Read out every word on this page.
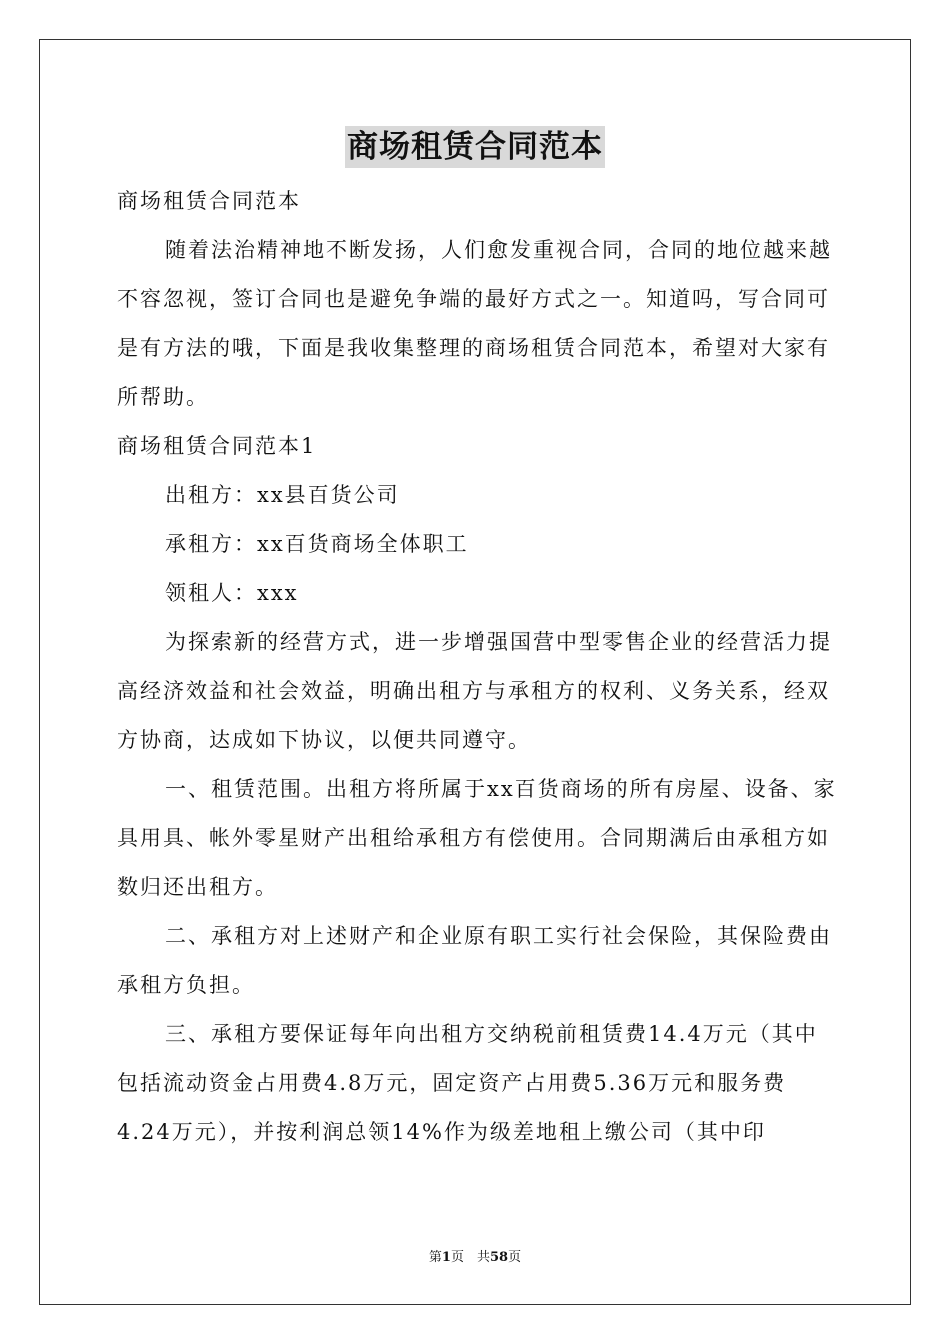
商场租赁合同范本

商场租赁合同范本

随着法治精神地不断发扬，人们愈发重视合同，合同的地位越来越不容忽视，签订合同也是避免争端的最好方式之一。知道吗，写合同可是有方法的哦，下面是我收集整理的商场租赁合同范本，希望对大家有所帮助。

商场租赁合同范本1

出租方：xx县百货公司

承租方：xx百货商场全体职工

领租人：xxx

为探索新的经营方式，进一步增强国营中型零售企业的经营活力提高经济效益和社会效益，明确出租方与承租方的权利、义务关系，经双方协商，达成如下协议，以便共同遵守。

一、租赁范围。出租方将所属于xx百货商场的所有房屋、设备、家具用具、帐外零星财产出租给承租方有偿使用。合同期满后由承租方如数归还出租方。

二、承租方对上述财产和企业原有职工实行社会保险，其保险费由承租方负担。

三、承租方要保证每年向出租方交纳税前租赁费14.4万元（其中包括流动资金占用费4.8万元，固定资产占用费5.36万元和服务费4.24万元），并按利润总领14%作为级差地租上缴公司（其中印

第1页　共58页
